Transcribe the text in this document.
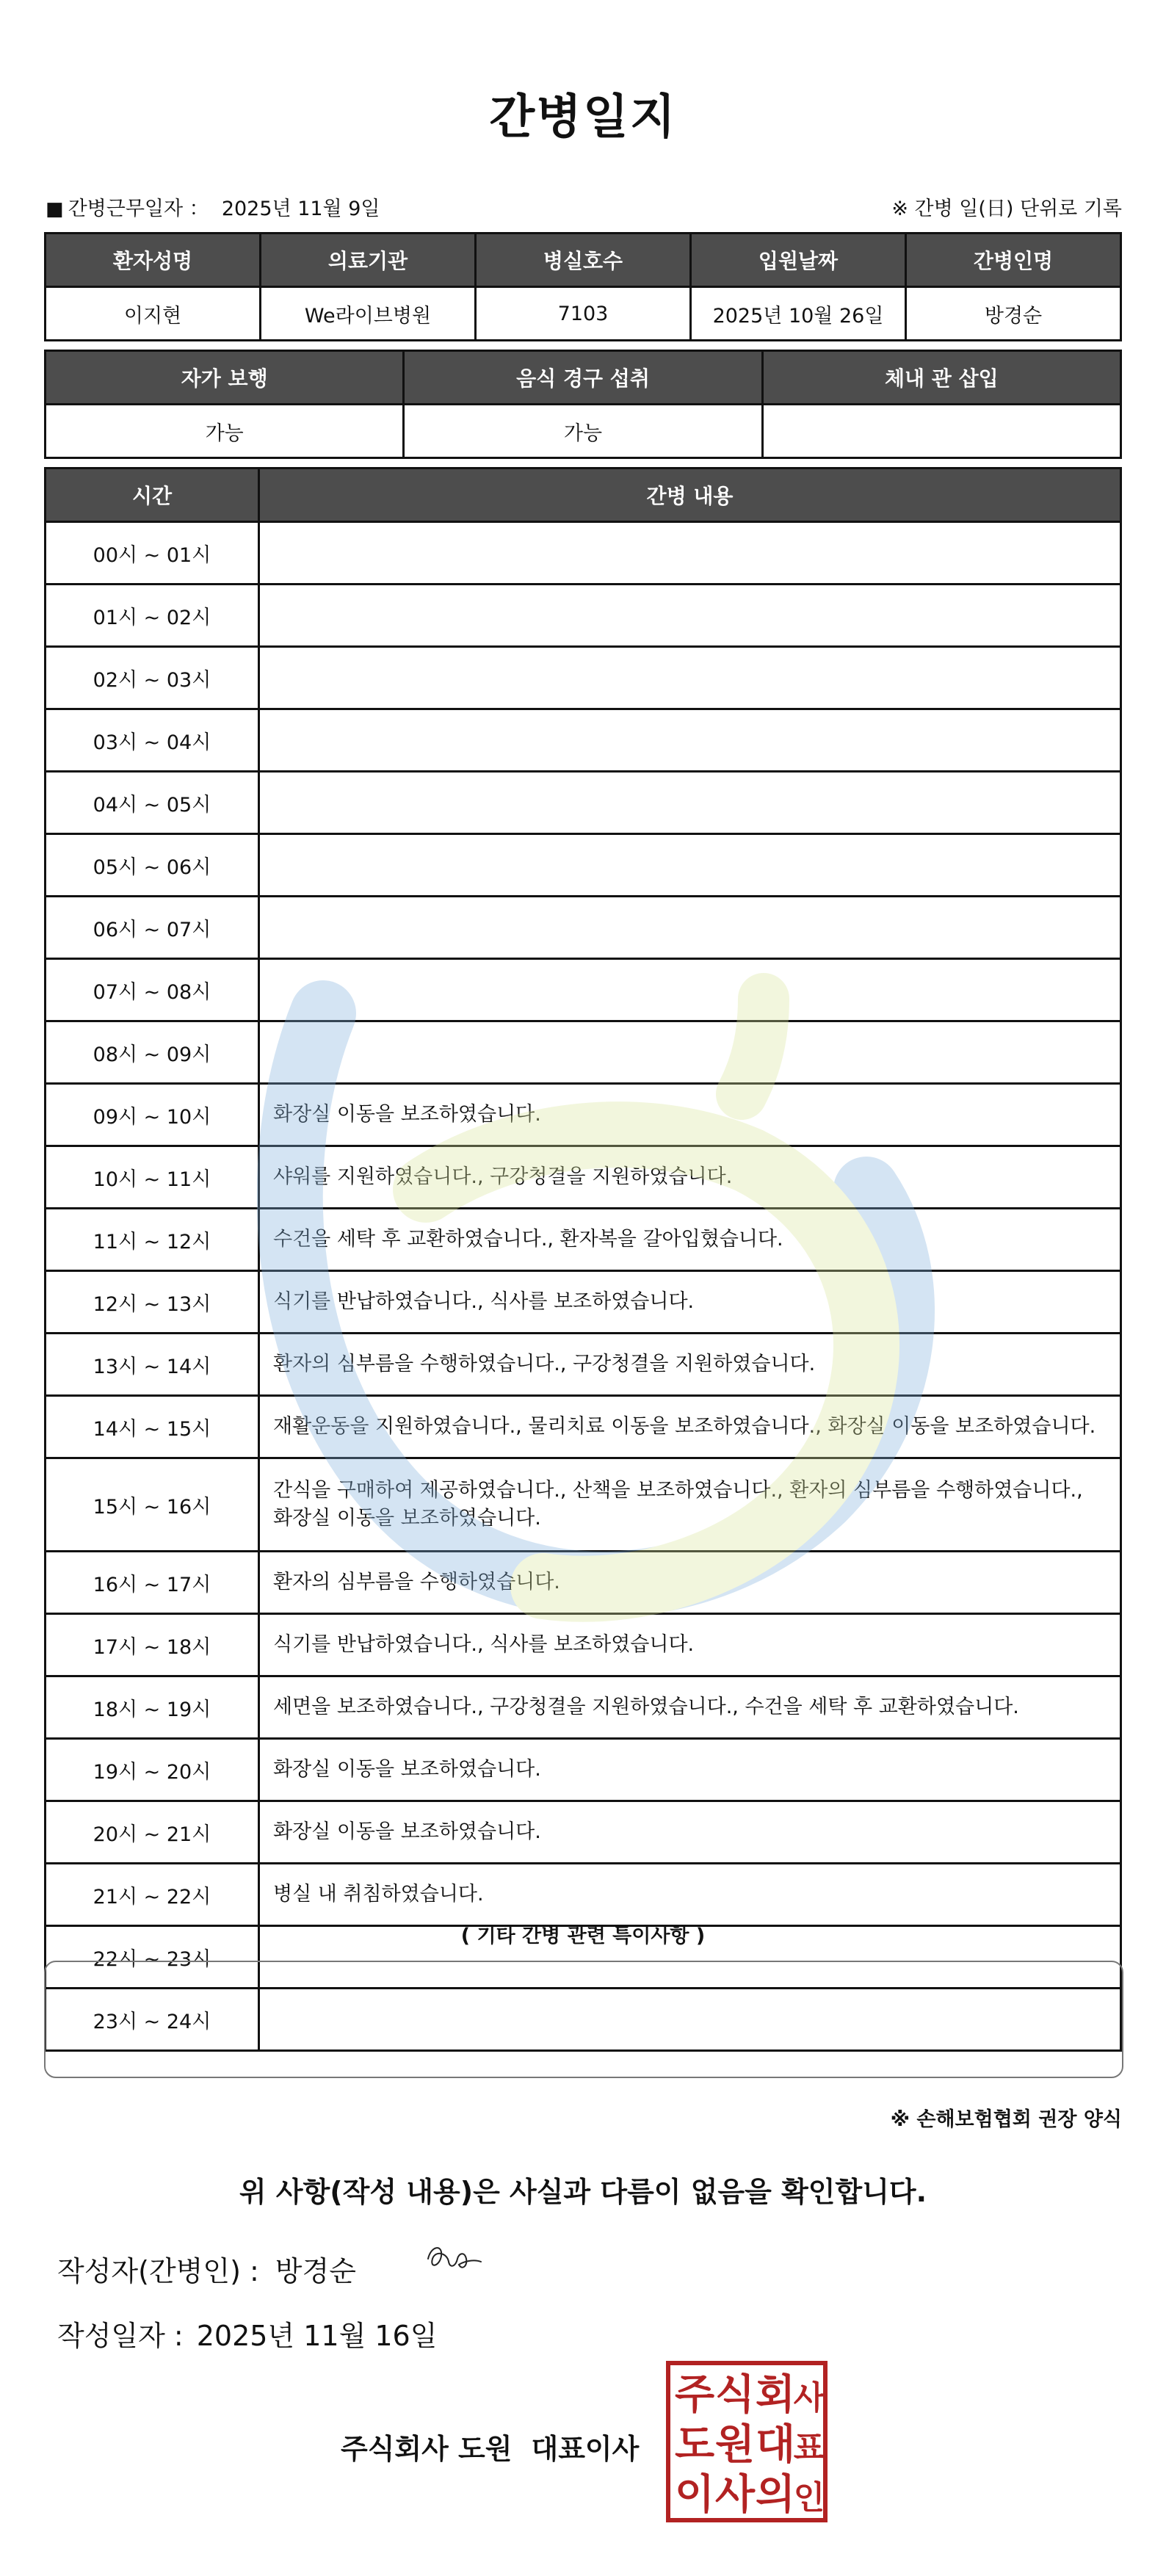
간병일지
■ 간병근무일자 ： 2025년 11월 9일	※ 간병 일(日) 단위로 기록
환자성명	의료기관	병실호수	입원날짜	간병인명
이지현	We라이브병원	7103	2025년 10월 26일	방경순
자가 보행	음식 경구 섭취	체내 관 삽입
가능	가능	
시간	간병 내용
00시 ~ 01시	
01시 ~ 02시	
02시 ~ 03시	
03시 ~ 04시	
04시 ~ 05시	
05시 ~ 06시	
06시 ~ 07시	
07시 ~ 08시	
08시 ~ 09시	
09시 ~ 10시	화장실 이동을 보조하였습니다.
10시 ~ 11시	샤워를 지원하였습니다., 구강청결을 지원하였습니다.
11시 ~ 12시	수건을 세탁 후 교환하였습니다., 환자복을 갈아입혔습니다.
12시 ~ 13시	식기를 반납하였습니다., 식사를 보조하였습니다.
13시 ~ 14시	환자의 심부름을 수행하였습니다., 구강청결을 지원하였습니다.
14시 ~ 15시	재활운동을 지원하였습니다., 물리치료 이동을 보조하였습니다., 화장실 이동을 보조하였습니다.
15시 ~ 16시	간식을 구매하여 제공하였습니다., 산책을 보조하였습니다., 환자의 심부름을 수행하였습니다., 화장실 이동을 보조하였습니다.
16시 ~ 17시	환자의 심부름을 수행하였습니다.
17시 ~ 18시	식기를 반납하였습니다., 식사를 보조하였습니다.
18시 ~ 19시	세면을 보조하였습니다., 구강청결을 지원하였습니다., 수건을 세탁 후 교환하였습니다.
19시 ~ 20시	화장실 이동을 보조하였습니다.
20시 ~ 21시	화장실 이동을 보조하였습니다.
21시 ~ 22시	병실 내 취침하였습니다.
22시 ~ 23시	
23시 ~ 24시	
( 기타 간병 관련 특이사항 )
※ 손해보험협회 권장 양식
위 사항(작성 내용)은 사실과 다름이 없음을 확인합니다.
작성자(간병인) : 방경순
작성일자 : 2025년 11월 16일
주식회사 도원 대표이사
주 식 회
사
도 원 대
표
이 사 의
인
